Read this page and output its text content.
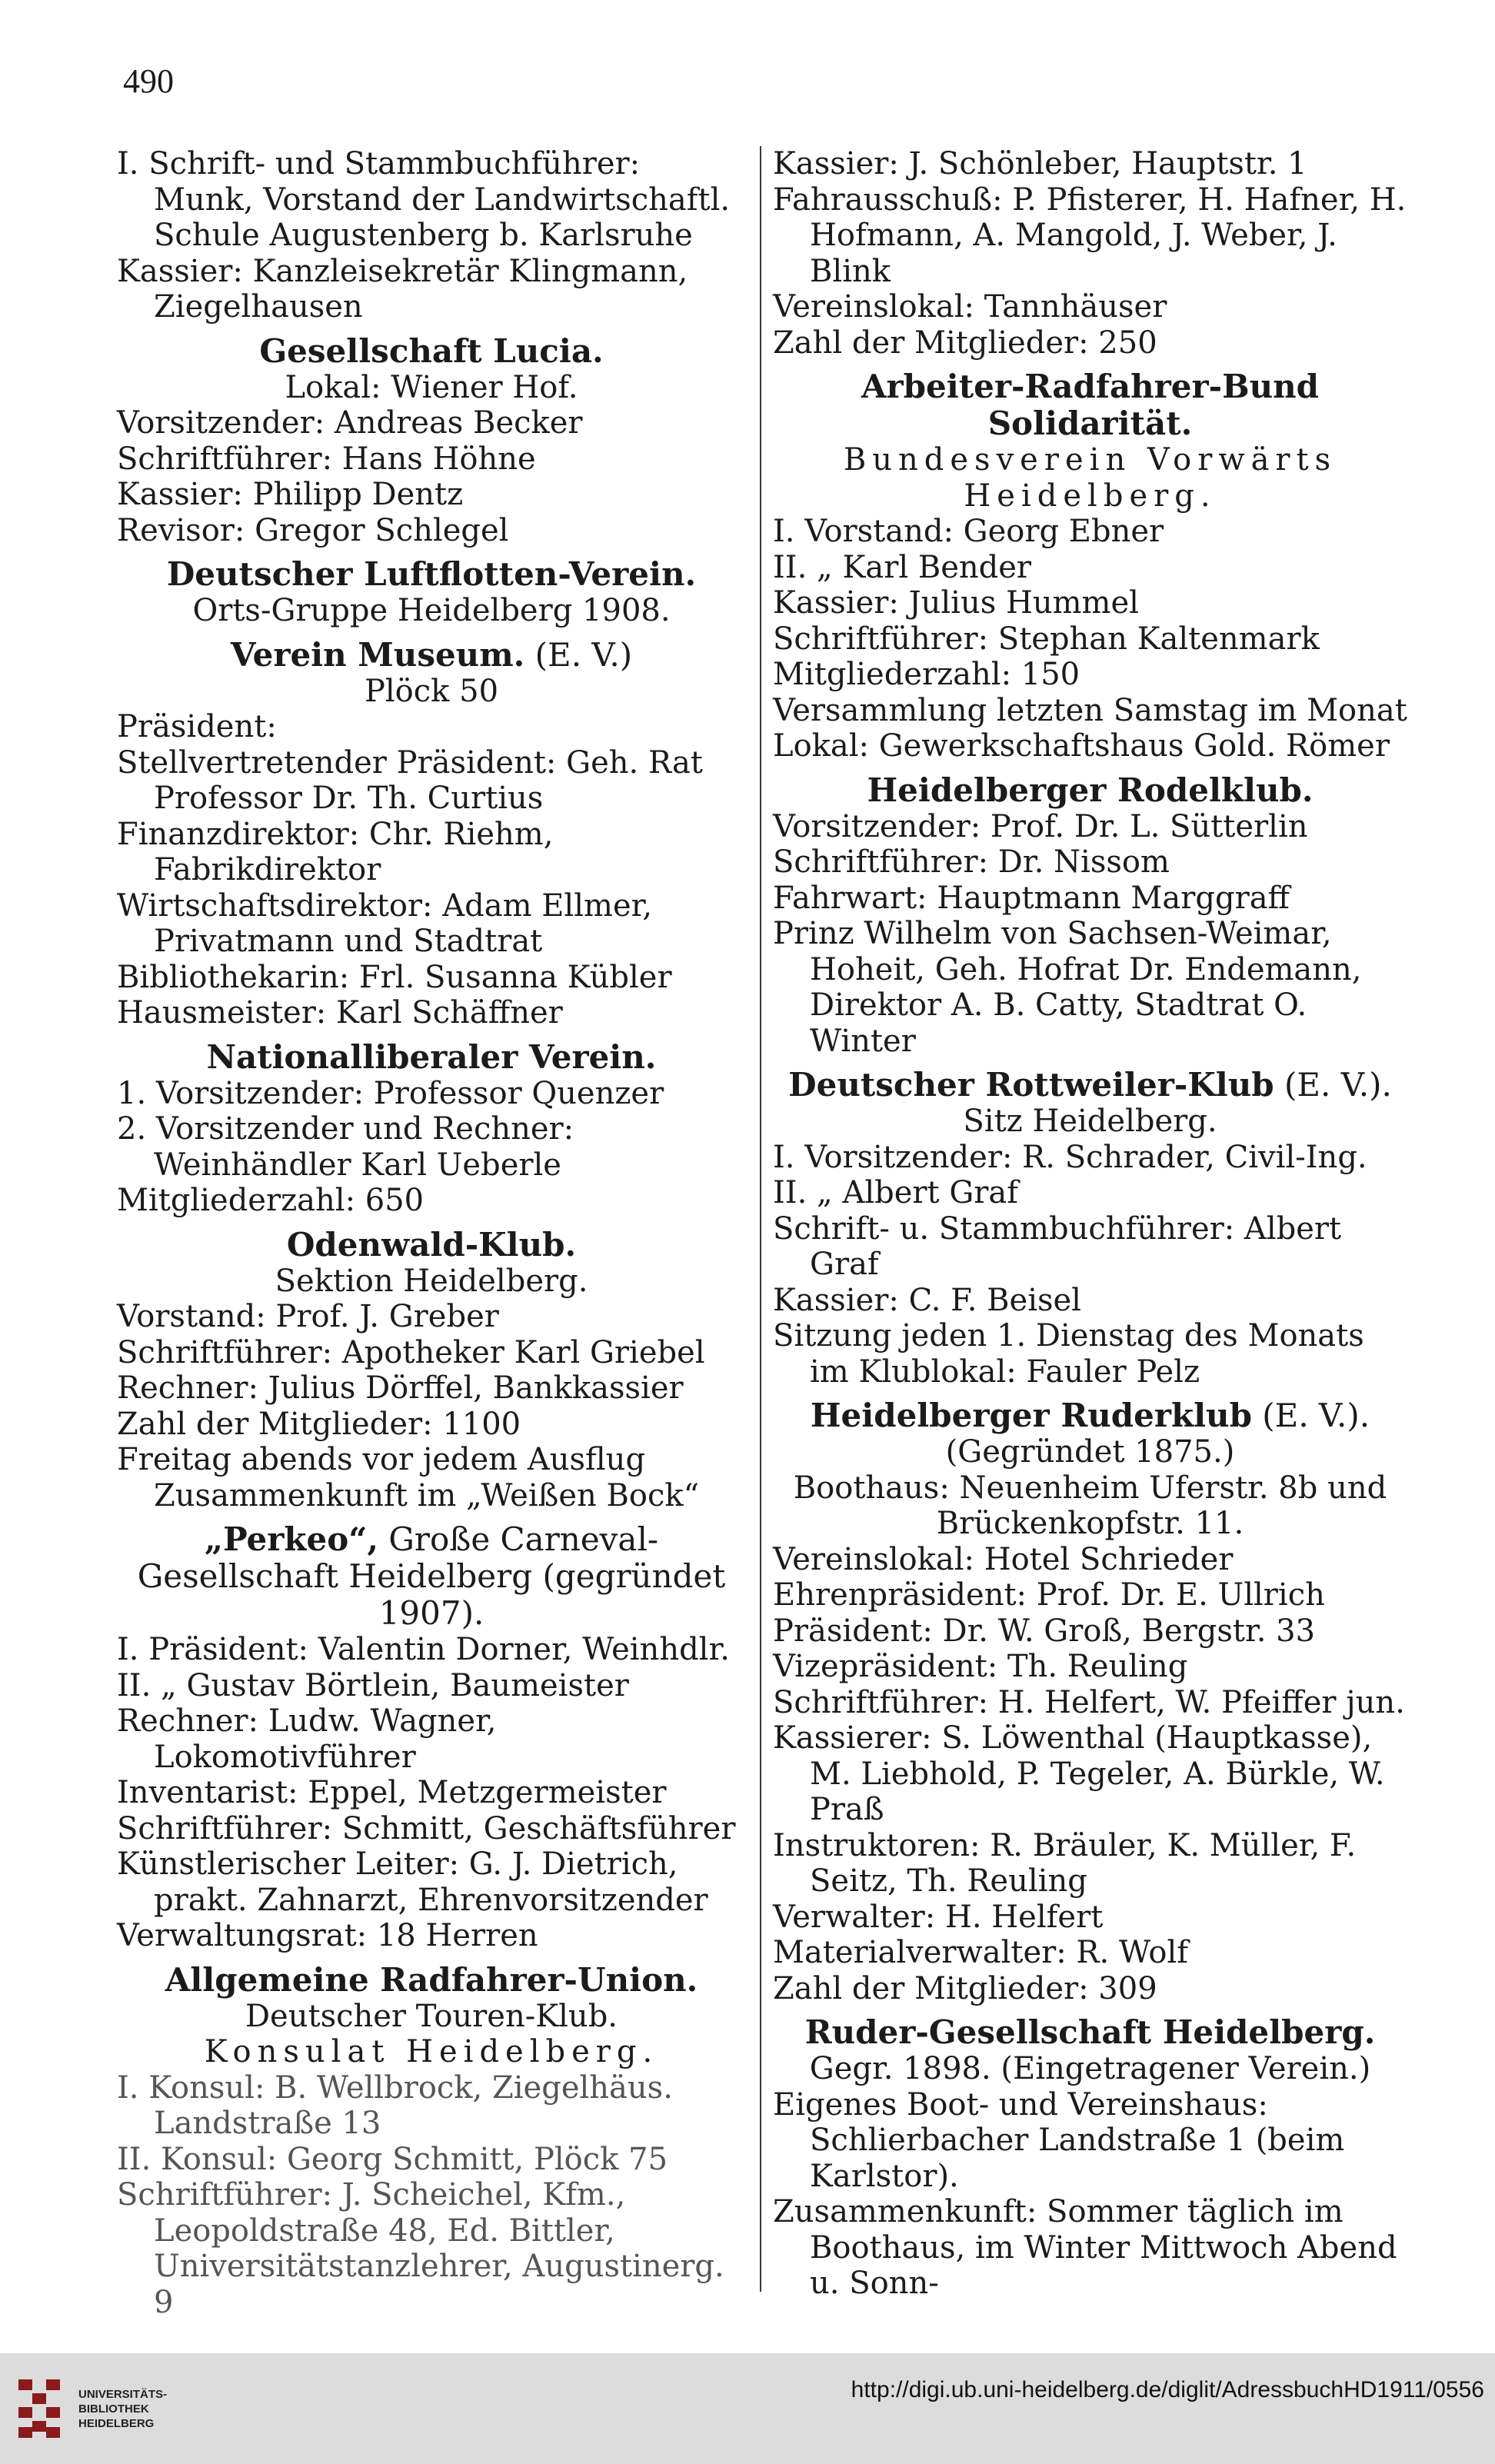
490
I. Schrift- und Stammbuchführer: Munk, Vorstand der Landwirtschaftl. Schule Augustenberg b. Karlsruhe
Kassier: Kanzleisekretär Klingmann, Ziegelhausen
Gesellschaft Lucia.
Lokal: Wiener Hof.
Vorsitzender: Andreas Becker
Schriftführer: Hans Höhne
Kassier: Philipp Dentz
Revisor: Gregor Schlegel
Deutscher Luftflotten-Verein.
Orts-Gruppe Heidelberg 1908.
Verein Museum. (E. V.)
Plöck 50
Präsident:
Stellvertretender Präsident: Geh. Rat Professor Dr. Th. Curtius
Finanzdirektor: Chr. Riehm, Fabrikdirektor
Wirtschaftsdirektor: Adam Ellmer, Privatmann und Stadtrat
Bibliothekarin: Frl. Susanna Kübler
Hausmeister: Karl Schäffner
Nationalliberaler Verein.
1. Vorsitzender: Professor Quenzer
2. Vorsitzender und Rechner: Weinhändler Karl Ueberle
Mitgliederzahl: 650
Odenwald-Klub.
Sektion Heidelberg.
Vorstand: Prof. J. Greber
Schriftführer: Apotheker Karl Griebel
Rechner: Julius Dörffel, Bankkassier
Zahl der Mitglieder: 1100
Freitag abends vor jedem Ausflug Zusammenkunft im „Weißen Bock“
„Perkeo“, Große Carneval-Gesellschaft Heidelberg (gegründet 1907).
I. Präsident: Valentin Dorner, Weinhdlr.
II. „ Gustav Börtlein, Baumeister
Rechner: Ludw. Wagner, Lokomotivführer
Inventarist: Eppel, Metzgermeister
Schriftführer: Schmitt, Geschäftsführer
Künstlerischer Leiter: G. J. Dietrich, prakt. Zahnarzt, Ehrenvorsitzender
Verwaltungsrat: 18 Herren
Allgemeine Radfahrer-Union.
Deutscher Touren-Klub.
Konsulat Heidelberg.
I. Konsul: B. Wellbrock, Ziegelhäus. Landstraße 13
II. Konsul: Georg Schmitt, Plöck 75
Schriftführer: J. Scheichel, Kfm., Leopoldstraße 48, Ed. Bittler, Universitätstanzlehrer, Augustinerg. 9
Kassier: J. Schönleber, Hauptstr. 1
Fahrausschuß: P. Pfisterer, H. Hafner, H. Hofmann, A. Mangold, J. Weber, J. Blink
Vereinslokal: Tannhäuser
Zahl der Mitglieder: 250
Arbeiter-Radfahrer-Bund Solidarität.
Bundesverein Vorwärts Heidelberg.
I. Vorstand: Georg Ebner
II. „ Karl Bender
Kassier: Julius Hummel
Schriftführer: Stephan Kaltenmark
Mitgliederzahl: 150
Versammlung letzten Samstag im Monat
Lokal: Gewerkschaftshaus Gold. Römer
Heidelberger Rodelklub.
Vorsitzender: Prof. Dr. L. Sütterlin
Schriftführer: Dr. Nissom
Fahrwart: Hauptmann Marggraff
Prinz Wilhelm von Sachsen-Weimar, Hoheit, Geh. Hofrat Dr. Endemann, Direktor A. B. Catty, Stadtrat O. Winter
Deutscher Rottweiler-Klub (E. V.).
Sitz Heidelberg.
I. Vorsitzender: R. Schrader, Civil-Ing.
II. „ Albert Graf
Schrift- u. Stammbuchführer: Albert Graf
Kassier: C. F. Beisel
Sitzung jeden 1. Dienstag des Monats im Klublokal: Fauler Pelz
Heidelberger Ruderklub (E. V.).
(Gegründet 1875.)
Boothaus: Neuenheim Uferstr. 8b und Brückenkopfstr. 11.
Vereinslokal: Hotel Schrieder
Ehrenpräsident: Prof. Dr. E. Ullrich
Präsident: Dr. W. Groß, Bergstr. 33
Vizepräsident: Th. Reuling
Schriftführer: H. Helfert, W. Pfeiffer jun.
Kassierer: S. Löwenthal (Hauptkasse), M. Liebhold, P. Tegeler, A. Bürkle, W. Praß
Instruktoren: R. Bräuler, K. Müller, F. Seitz, Th. Reuling
Verwalter: H. Helfert
Materialverwalter: R. Wolf
Zahl der Mitglieder: 309
Ruder-Gesellschaft Heidelberg.
Gegr. 1898. (Eingetragener Verein.)
Eigenes Boot- und Vereinshaus: Schlierbacher Landstraße 1 (beim Karlstor).
Zusammenkunft: Sommer täglich im Boothaus, im Winter Mittwoch Abend u. Sonn-
UNIVERSITÄTS-
BIBLIOTHEK
HEIDELBERG
http://digi.ub.uni-heidelberg.de/diglit/AdressbuchHD1911/0556
